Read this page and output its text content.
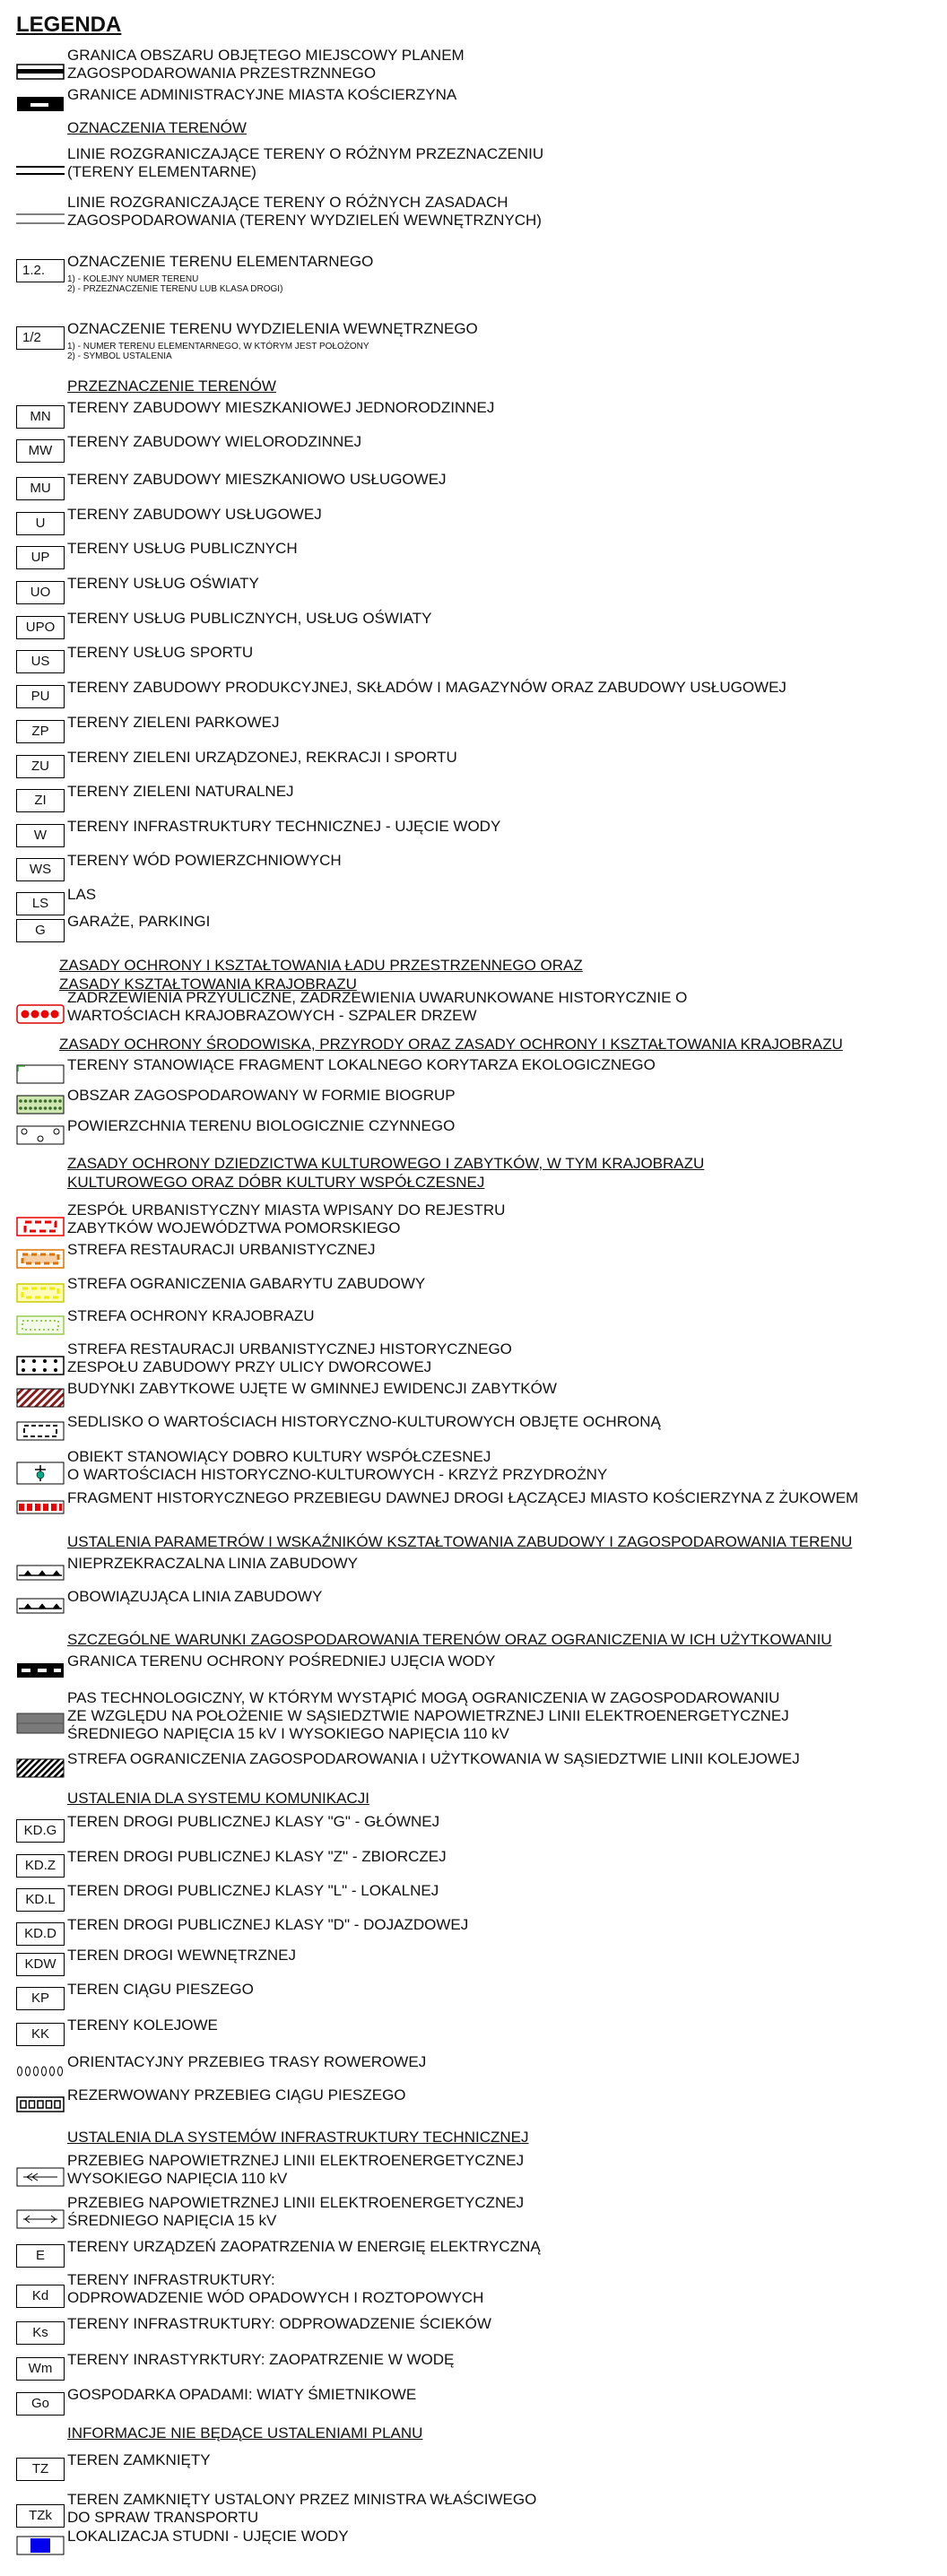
LEGENDA
GRANICA OBSZARU OBJĘTEGO MIEJSCOWY PLANEM
ZAGOSPODAROWANIA PRZESTRZNNEGO
GRANICE ADMINISTRACYJNE MIASTA KOŚCIERZYNA
OZNACZENIA TERENÓW
LINIE ROZGRANICZAJĄCE TERENY O RÓŻNYM PRZEZNACZENIU
(TERENY ELEMENTARNE)
LINIE ROZGRANICZAJĄCE TERENY O RÓŻNYCH ZASADACH
ZAGOSPODAROWANIA (TERENY WYDZIELEŃ WEWNĘTRZNYCH)
1.2.
OZNACZENIE TERENU ELEMENTARNEGO
1) - KOLEJNY NUMER TERENU
2) - PRZEZNACZENIE TERENU LUB KLASA DROGI)
1/2
OZNACZENIE TERENU WYDZIELENIA WEWNĘTRZNEGO
1) - NUMER TERENU ELEMENTARNEGO, W KTÓRYM JEST POŁOŻONY
2) - SYMBOL USTALENIA
PRZEZNACZENIE TERENÓW
MN
TERENY ZABUDOWY MIESZKANIOWEJ JEDNORODZINNEJ
MW
TERENY ZABUDOWY WIELORODZINNEJ
MU
TERENY ZABUDOWY MIESZKANIOWO USŁUGOWEJ
U
TERENY ZABUDOWY USŁUGOWEJ
UP
TERENY USŁUG PUBLICZNYCH
UO
TERENY USŁUG OŚWIATY
UPO
TERENY USŁUG PUBLICZNYCH, USŁUG OŚWIATY
US
TERENY USŁUG SPORTU
PU
TERENY ZABUDOWY PRODUKCYJNEJ, SKŁADÓW I MAGAZYNÓW ORAZ ZABUDOWY USŁUGOWEJ
ZP
TERENY ZIELENI PARKOWEJ
ZU
TERENY ZIELENI URZĄDZONEJ, REKRACJI I SPORTU
ZI
TERENY ZIELENI NATURALNEJ
W
TERENY INFRASTRUKTURY TECHNICZNEJ - UJĘCIE WODY
WS
TERENY WÓD POWIERZCHNIOWYCH
LS
LAS
G
GARAŻE, PARKINGI
ZASADY OCHRONY I KSZTAŁTOWANIA ŁADU PRZESTRZENNEGO ORAZ
ZASADY KSZTAŁTOWANIA KRAJOBRAZU
ZADRZEWIENIA PRZYULICZNE, ZADRZEWIENIA UWARUNKOWANE HISTORYCZNIE O
WARTOŚCIACH KRAJOBRAZOWYCH - SZPALER DRZEW
ZASADY OCHRONY ŚRODOWISKA, PRZYRODY ORAZ ZASADY OCHRONY I KSZTAŁTOWANIA KRAJOBRAZU
TERENY STANOWIĄCE FRAGMENT LOKALNEGO KORYTARZA EKOLOGICZNEGO
OBSZAR ZAGOSPODAROWANY W FORMIE BIOGRUP
POWIERZCHNIA TERENU BIOLOGICZNIE CZYNNEGO
ZASADY OCHRONY DZIEDZICTWA KULTUROWEGO I ZABYTKÓW, W TYM KRAJOBRAZU
KULTUROWEGO ORAZ DÓBR KULTURY WSPÓŁCZESNEJ
ZESPÓŁ URBANISTYCZNY MIASTA WPISANY DO REJESTRU
ZABYTKÓW WOJEWÓDZTWA POMORSKIEGO
STREFA RESTAURACJI URBANISTYCZNEJ
STREFA OGRANICZENIA GABARYTU ZABUDOWY
STREFA OCHRONY KRAJOBRAZU
STREFA RESTAURACJI URBANISTYCZNEJ HISTORYCZNEGO
ZESPOŁU ZABUDOWY PRZY ULICY DWORCOWEJ
BUDYNKI ZABYTKOWE UJĘTE W GMINNEJ EWIDENCJI ZABYTKÓW
SEDLISKO O WARTOŚCIACH HISTORYCZNO-KULTUROWYCH OBJĘTE OCHRONĄ
OBIEKT STANOWIĄCY DOBRO KULTURY WSPÓŁCZESNEJ
O WARTOŚCIACH HISTORYCZNO-KULTUROWYCH - KRZYŻ PRZYDROŻNY
FRAGMENT HISTORYCZNEGO PRZEBIEGU DAWNEJ DROGI ŁĄCZĄCEJ MIASTO KOŚCIERZYNA Z ŻUKOWEM
USTALENIA PARAMETRÓW I WSKAŹNIKÓW KSZTAŁTOWANIA ZABUDOWY I ZAGOSPODAROWANIA TERENU
NIEPRZEKRACZALNA LINIA ZABUDOWY
OBOWIĄZUJĄCA LINIA ZABUDOWY
SZCZEGÓLNE WARUNKI ZAGOSPODAROWANIA TERENÓW ORAZ OGRANICZENIA W ICH UŻYTKOWANIU
GRANICA TERENU OCHRONY POŚREDNIEJ UJĘCIA WODY
PAS TECHNOLOGICZNY, W KTÓRYM WYSTĄPIĆ MOGĄ OGRANICZENIA W ZAGOSPODAROWANIU
ZE WZGLĘDU NA POŁOŻENIE W SĄSIEDZTWIE NAPOWIETRZNEJ LINII ELEKTROENERGETYCZNEJ
ŚREDNIEGO NAPIĘCIA 15 kV I WYSOKIEGO NAPIĘCIA 110 kV
STREFA OGRANICZENIA ZAGOSPODAROWANIA I UŻYTKOWANIA W SĄSIEDZTWIE LINII KOLEJOWEJ
USTALENIA DLA SYSTEMU KOMUNIKACJI
KD.G
TEREN DROGI PUBLICZNEJ KLASY "G" - GŁÓWNEJ
KD.Z
TEREN DROGI PUBLICZNEJ KLASY "Z" - ZBIORCZEJ
KD.L
TEREN DROGI PUBLICZNEJ KLASY "L" - LOKALNEJ
KD.D
TEREN DROGI PUBLICZNEJ KLASY "D" - DOJAZDOWEJ
KDW
TEREN DROGI WEWNĘTRZNEJ
KP
TEREN CIĄGU PIESZEGO
KK
TERENY KOLEJOWE
ORIENTACYJNY PRZEBIEG TRASY ROWEROWEJ
REZERWOWANY PRZEBIEG CIĄGU PIESZEGO
USTALENIA DLA SYSTEMÓW INFRASTRUKTURY TECHNICZNEJ
PRZEBIEG NAPOWIETRZNEJ LINII ELEKTROENERGETYCZNEJ
WYSOKIEGO NAPIĘCIA 110 kV
PRZEBIEG NAPOWIETRZNEJ LINII ELEKTROENERGETYCZNEJ
ŚREDNIEGO NAPIĘCIA 15 kV
E
TERENY URZĄDZEŃ ZAOPATRZENIA W ENERGIĘ ELEKTRYCZNĄ
Kd
TERENY INFRASTRUKTURY:
ODPROWADZENIE WÓD OPADOWYCH I ROZTOPOWYCH
Ks
TERENY INFRASTRUKTURY: ODPROWADZENIE ŚCIEKÓW
Wm
TERENY INRASTYRKTURY: ZAOPATRZENIE W WODĘ
Go
GOSPODARKA OPADAMI: WIATY ŚMIETNIKOWE
INFORMACJE NIE BĘDĄCE USTALENIAMI PLANU
TZ
TEREN ZAMKNIĘTY
TZk
TEREN ZAMKNIĘTY USTALONY PRZEZ MINISTRA WŁAŚCIWEGO
DO SPRAW TRANSPORTU
LOKALIZACJA STUDNI - UJĘCIE WODY
